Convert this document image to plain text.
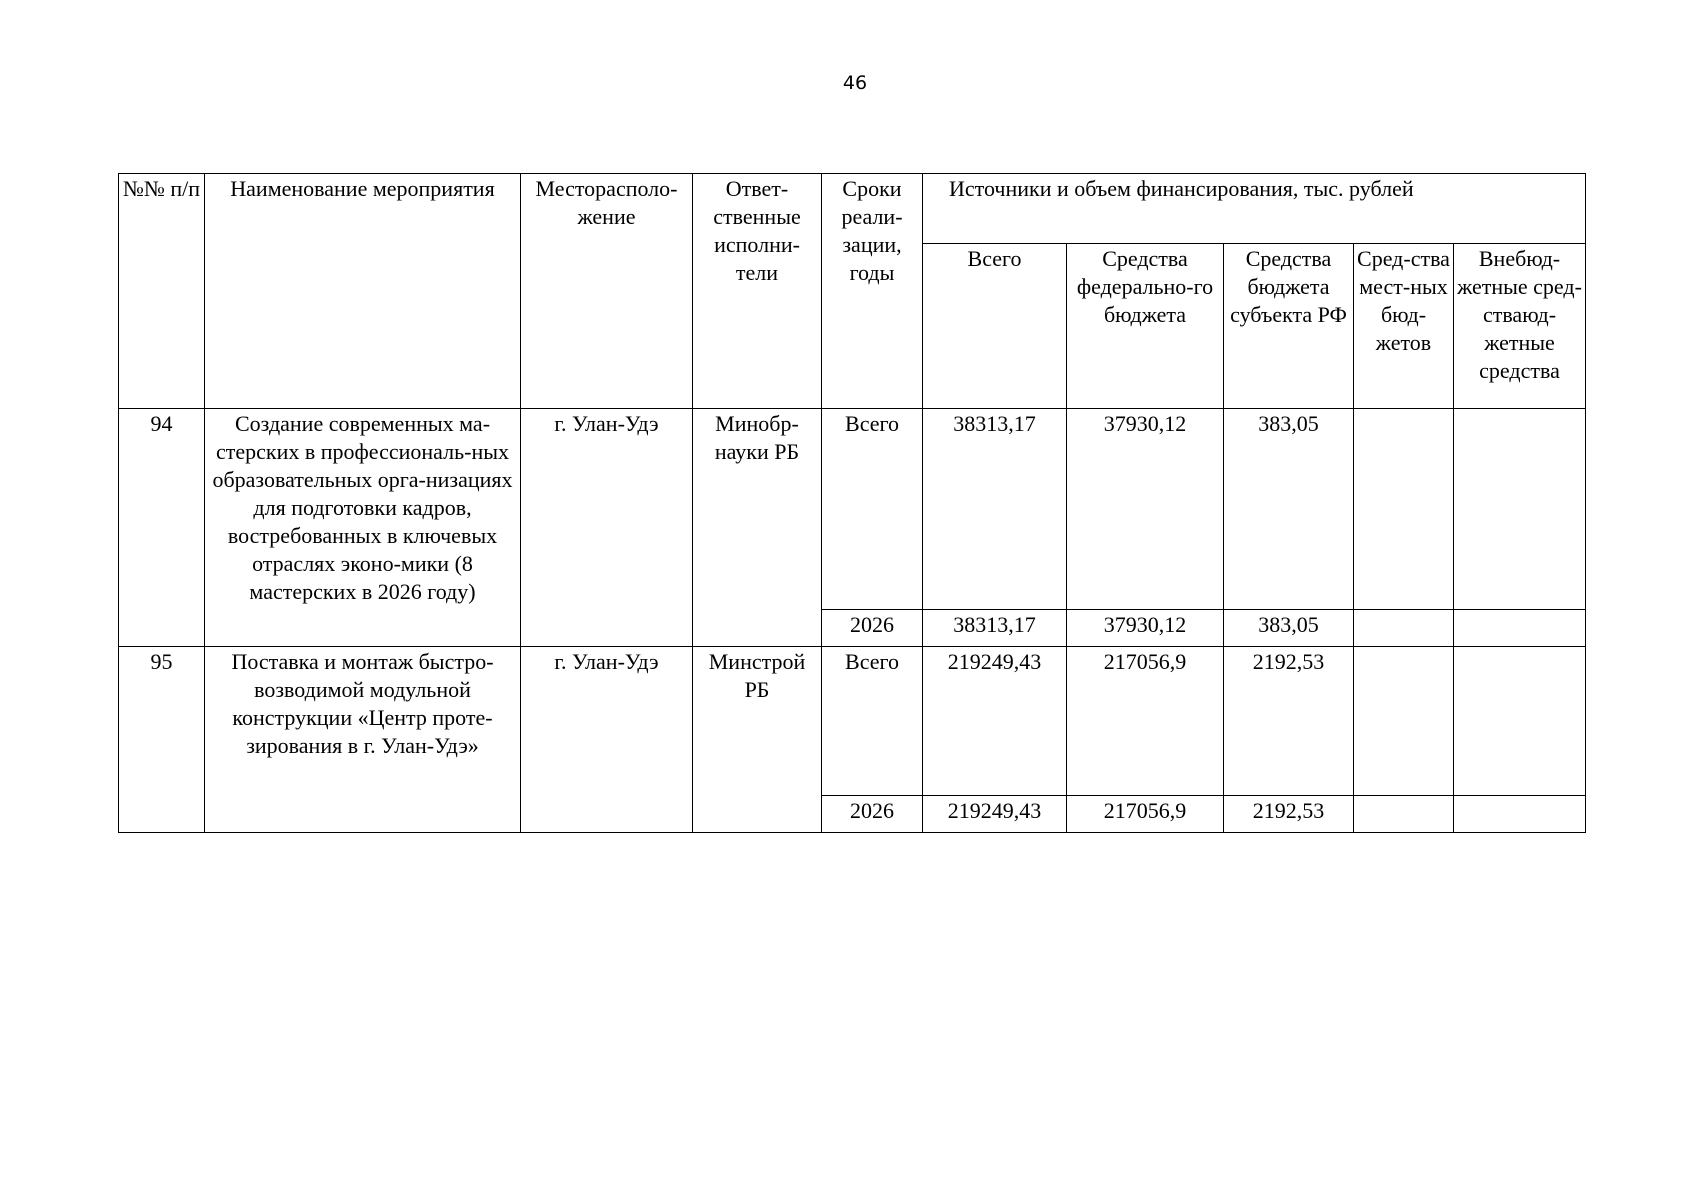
46
№№ п/п	Наименование мероприятия	Месторасполо-жение	Ответ-ственные исполни-тели	Сроки реали-зации, годы	Источники и объем финансирования, тыс. рублей				
					Всего	Средства федерально-го бюджета	Средства бюджета субъекта РФ	Сред-ства мест-ных бюд-жетов	Внебюд-жетные сред-стваюд-жетные средства
94	Создание современных ма-стерских в профессиональ-ных образовательных орга-низациях для подготовки кадров, востребованных в ключевых отраслях эконо-мики (8 мастерских в 2026 году)	г. Улан-Удэ	Минобр-науки РБ	Всего	38313,17	37930,12	383,05		
				2026	38313,17	37930,12	383,05		
95	Поставка и монтаж быстро-возводимой модульной конструкции «Центр проте-зирования в г. Улан-Удэ»	г. Улан-Удэ	Минстрой РБ	Всего	219249,43	217056,9	2192,53		
				2026	219249,43	217056,9	2192,53		
